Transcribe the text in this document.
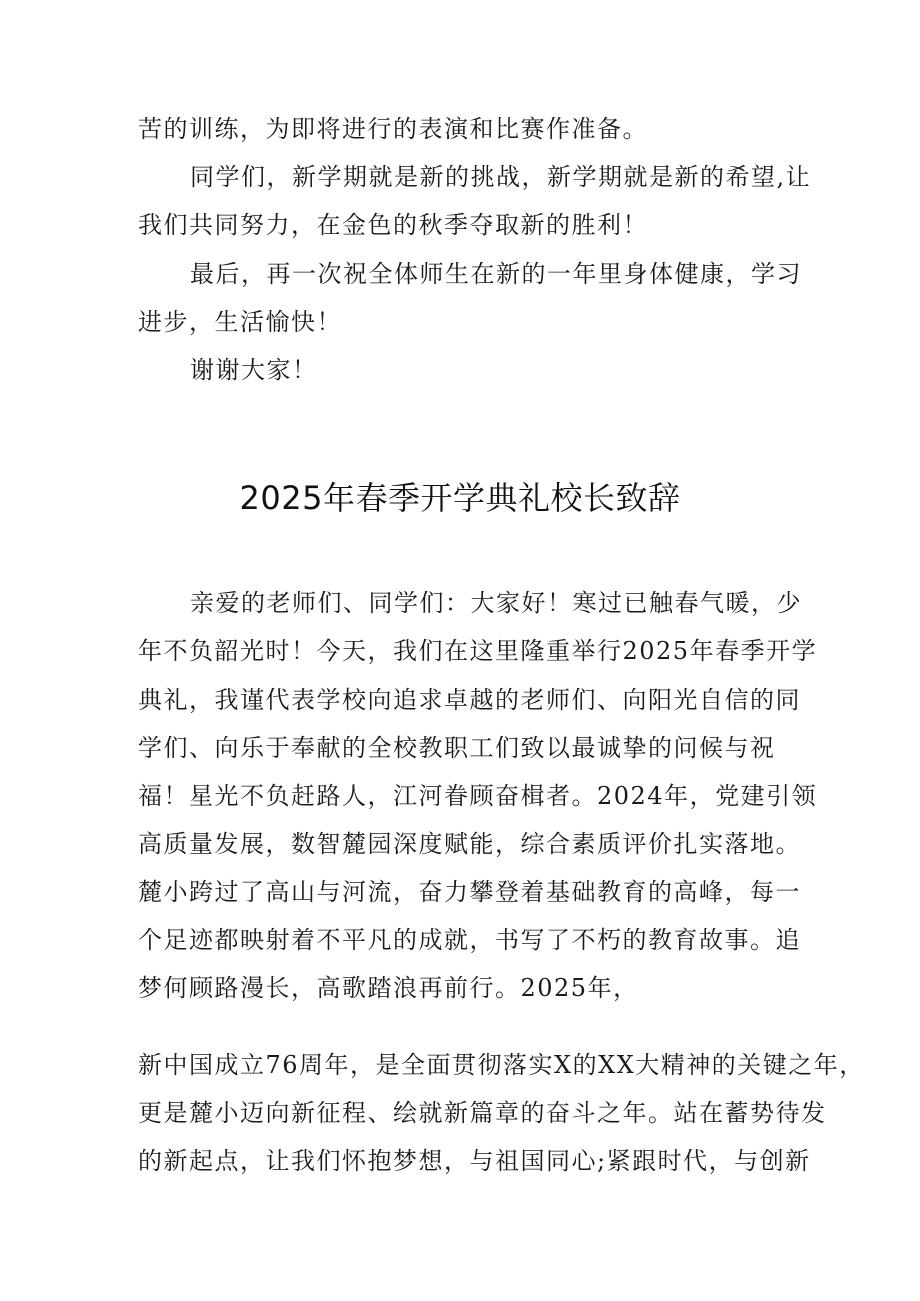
苦的训练，为即将进行的表演和比赛作准备。

同学们，新学期就是新的挑战，新学期就是新的希望,让

我们共同努力，在金色的秋季夺取新的胜利！

最后，再一次祝全体师生在新的一年里身体健康，学习

进步，生活愉快！

谢谢大家！

2025年春季开学典礼校长致辞

亲爱的老师们、同学们：大家好！寒过已触春气暖，少

年不负韶光时！今天，我们在这里隆重举行2025年春季开学

典礼，我谨代表学校向追求卓越的老师们、向阳光自信的同

学们、向乐于奉献的全校教职工们致以最诚挚的问候与祝

福！星光不负赶路人，江河眷顾奋楫者。2024年，党建引领

高质量发展，数智麓园深度赋能，综合素质评价扎实落地。

麓小跨过了高山与河流，奋力攀登着基础教育的高峰，每一

个足迹都映射着不平凡的成就，书写了不朽的教育故事。追

梦何顾路漫长，高歌踏浪再前行。2025年，

新中国成立76周年，是全面贯彻落实X的XX大精神的关键之年，

更是麓小迈向新征程、绘就新篇章的奋斗之年。站在蓄势待发

的新起点，让我们怀抱梦想，与祖国同心;紧跟时代，与创新
